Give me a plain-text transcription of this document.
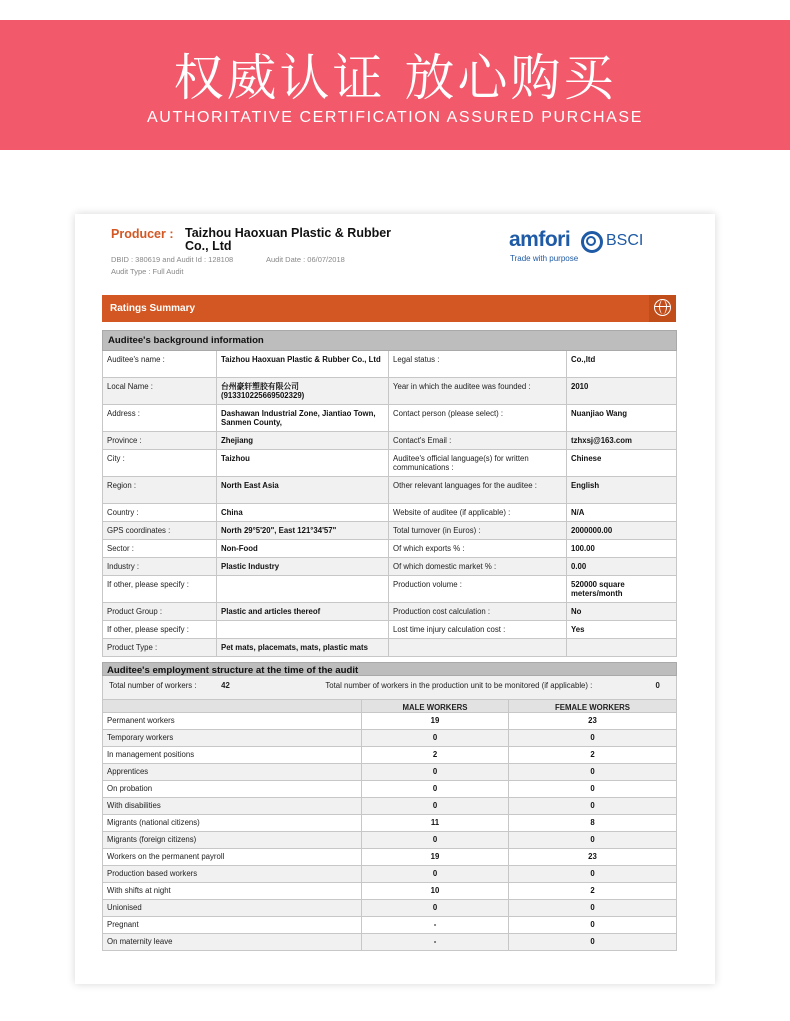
权威认证 放心购买
AUTHORITATIVE CERTIFICATION ASSURED PURCHASE
Producer : Taizhou Haoxuan Plastic & Rubber Co., Ltd
DBID : 380619 and Audit Id : 128108	Audit Date : 06/07/2018
Audit Type : Full Audit
amfori BSCI
Trade with purpose
Ratings Summary
Auditee's background information			
Auditee's name :	Taizhou Haoxuan Plastic & Rubber Co., Ltd	Legal status :	Co.,ltd
Local Name :	台州豪轩塑胶有限公司 (913310225669502329)	Year in which the auditee was founded :	2010
Address :	Dashawan Industrial Zone, Jiantiao Town, Sanmen County,	Contact person (please select) :	Nuanjiao Wang
Province :	Zhejiang	Contact's Email :	tzhxsj@163.com
City :	Taizhou	Auditee's official language(s) for written communications :	Chinese
Region :	North East Asia	Other relevant languages for the auditee :	English
Country :	China	Website of auditee (if applicable) :	N/A
GPS coordinates :	North 29°5'20", East 121°34'57"	Total turnover (in Euros) :	2000000.00
Sector :	Non-Food	Of which exports % :	100.00
Industry :	Plastic Industry	Of which domestic market % :	0.00
If other, please specify :		Production volume :	520000 square meters/month
Product Group :	Plastic and articles thereof	Production cost calculation :	No
If other, please specify :		Lost time injury calculation cost :	Yes
Product Type :	Pet mats, placemats, mats, plastic mats		
Auditee's employment structure at the time of the audit		
Total number of workers : 42 Total number of workers in the production unit to be monitored (if applicable) : 0		
	MALE WORKERS	FEMALE WORKERS
Permanent workers	19	23
Temporary workers	0	0
In management positions	2	2
Apprentices	0	0
On probation	0	0
With disabilities	0	0
Migrants (national citizens)	11	8
Migrants (foreign citizens)	0	0
Workers on the permanent payroll	19	23
Production based workers	0	0
With shifts at night	10	2
Unionised	0	0
Pregnant	-	0
On maternity leave	-	0
